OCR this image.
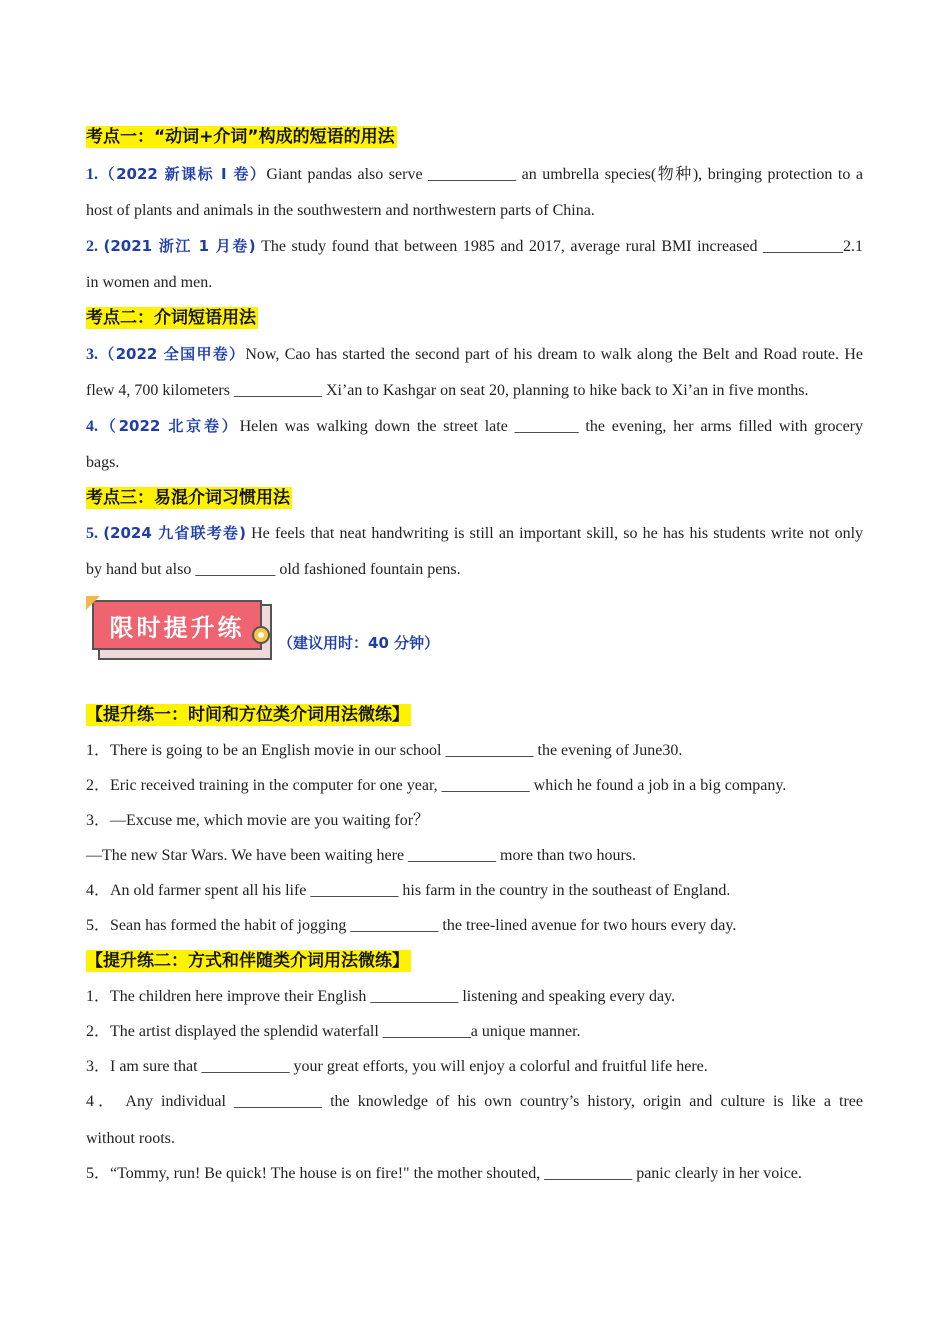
考点一：“动词+介词”构成的短语的用法
1.（2022 新课标 I 卷）Giant pandas also serve ___________ an umbrella species(物种), bringing protection to a
host of plants and animals in the southwestern and northwestern parts of China.
2. (2021 浙江 1 月卷) The study found that between 1985 and 2017, average rural BMI increased __________2.1
in women and men.
考点二：介词短语用法
3.（2022 全国甲卷）Now, Cao has started the second part of his dream to walk along the Belt and Road route. He
flew 4, 700 kilometers ___________ Xi’an to Kashgar on seat 20, planning to hike back to Xi’an in five months.
4.（2022 北京卷）Helen was walking down the street late ________ the evening, her arms filled with grocery
bags.
考点三：易混介词习惯用法
5. (2024 九省联考卷) He feels that neat handwriting is still an important skill, so he has his students write not only
by hand but also __________ old fashioned fountain pens.
【提升练一：时间和方位类介词用法微练】
1．There is going to be an English movie in our school ___________ the evening of June30.
2．Eric received training in the computer for one year, ___________ which he found a job in a big company.
3．—Excuse me, which movie are you waiting for？
—The new Star Wars. We have been waiting here ___________ more than two hours.
4．An old farmer spent all his life ___________ his farm in the country in the southeast of England.
5．Sean has formed the habit of jogging ___________ the tree-lined avenue for two hours every day.
【提升练二：方式和伴随类介词用法微练】
1．The children here improve their English ___________ listening and speaking every day.
2．The artist displayed the splendid waterfall ___________a unique manner.
3．I am sure that ___________ your great efforts, you will enjoy a colorful and fruitful life here.
4． Any individual ___________ the knowledge of his own country’s history, origin and culture is like a tree
without roots.
5．“Tommy, run! Be quick! The house is on fire!" the mother shouted, ___________ panic clearly in her voice.
限时提升练
（建议用时：40 分钟）
